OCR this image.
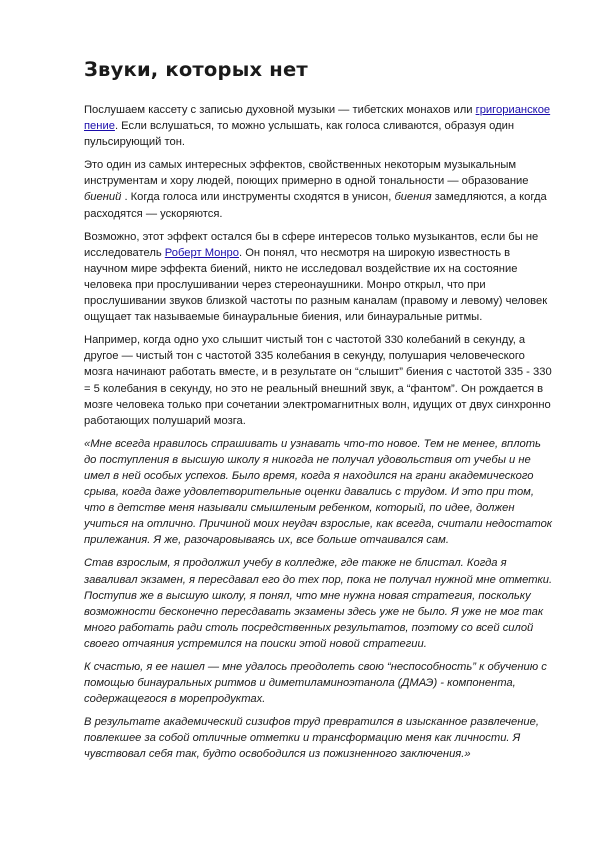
Звуки, которых нет

Послушаем кассету с записью духовной музыки — тибетских монахов или григорианское пение. Если вслушаться, то можно услышать, как голоса сливаются, образуя один пульсирующий тон.

Это один из самых интересных эффектов, свойственных некоторым музыкальным инструментам и хору людей, поющих примерно в одной тональности — образование биений . Когда голоса или инструменты сходятся в унисон, биения замедляются, а когда расходятся — ускоряются.

Возможно, этот эффект остался бы в сфере интересов только музыкантов, если бы не исследователь Роберт Монро. Он понял, что несмотря на широкую известность в научном мире эффекта биений, никто не исследовал воздействие их на состояние человека при прослушивании через стереонаушники. Монро открыл, что при прослушивании звуков близкой частоты по разным каналам (правому и левому) человек ощущает так называемые бинауральные биения, или бинауральные ритмы.

Например, когда одно ухо слышит чистый тон с частотой 330 колебаний в секунду, а другое — чистый тон с частотой 335 колебания в секунду, полушария человеческого мозга начинают работать вместе, и в результате он “слышит” биения с частотой 335 - 330 = 5 колебания в секунду, но это не реальный внешний звук, а “фантом”. Он рождается в мозге человека только при сочетании электромагнитных волн, идущих от двух синхронно работающих полушарий мозга.

«Мне всегда нравилось спрашивать и узнавать что-то новое. Тем не менее, вплоть до поступления в высшую школу я никогда не получал удовольствия от учебы и не имел в ней особых успехов. Было время, когда я находился на грани академического срыва, когда даже удовлетворительные оценки давались с трудом. И это при том, что в детстве меня называли смышленым ребенком, который, по идее, должен учиться на отлично. Причиной моих неудач взрослые, как всегда, считали недостаток прилежания. Я же, разочаровываясь их, все больше отчаивался сам.

Став взрослым, я продолжил учебу в колледже, где также не блистал. Когда я заваливал экзамен, я пересдавал его до тех пор, пока не получал нужной мне отметки. Поступив же в высшую школу, я понял, что мне нужна новая стратегия, поскольку возможности бесконечно пересдавать экзамены здесь уже не было. Я уже не мог так много работать ради столь посредственных результатов, поэтому со всей силой своего отчаяния устремился на поиски этой новой стратегии.

К счастью, я ее нашел — мне удалось преодолеть свою “неспособность” к обучению с помощью бинауральных ритмов и диметиламиноэтанола (ДМАЭ) - компонента, содержащегося в морепродуктах.

В результате академический сизифов труд превратился в изысканное развлечение, повлекшее за собой отличные отметки и трансформацию меня как личности. Я чувствовал себя так, будто освободился из пожизненного заключения.»
